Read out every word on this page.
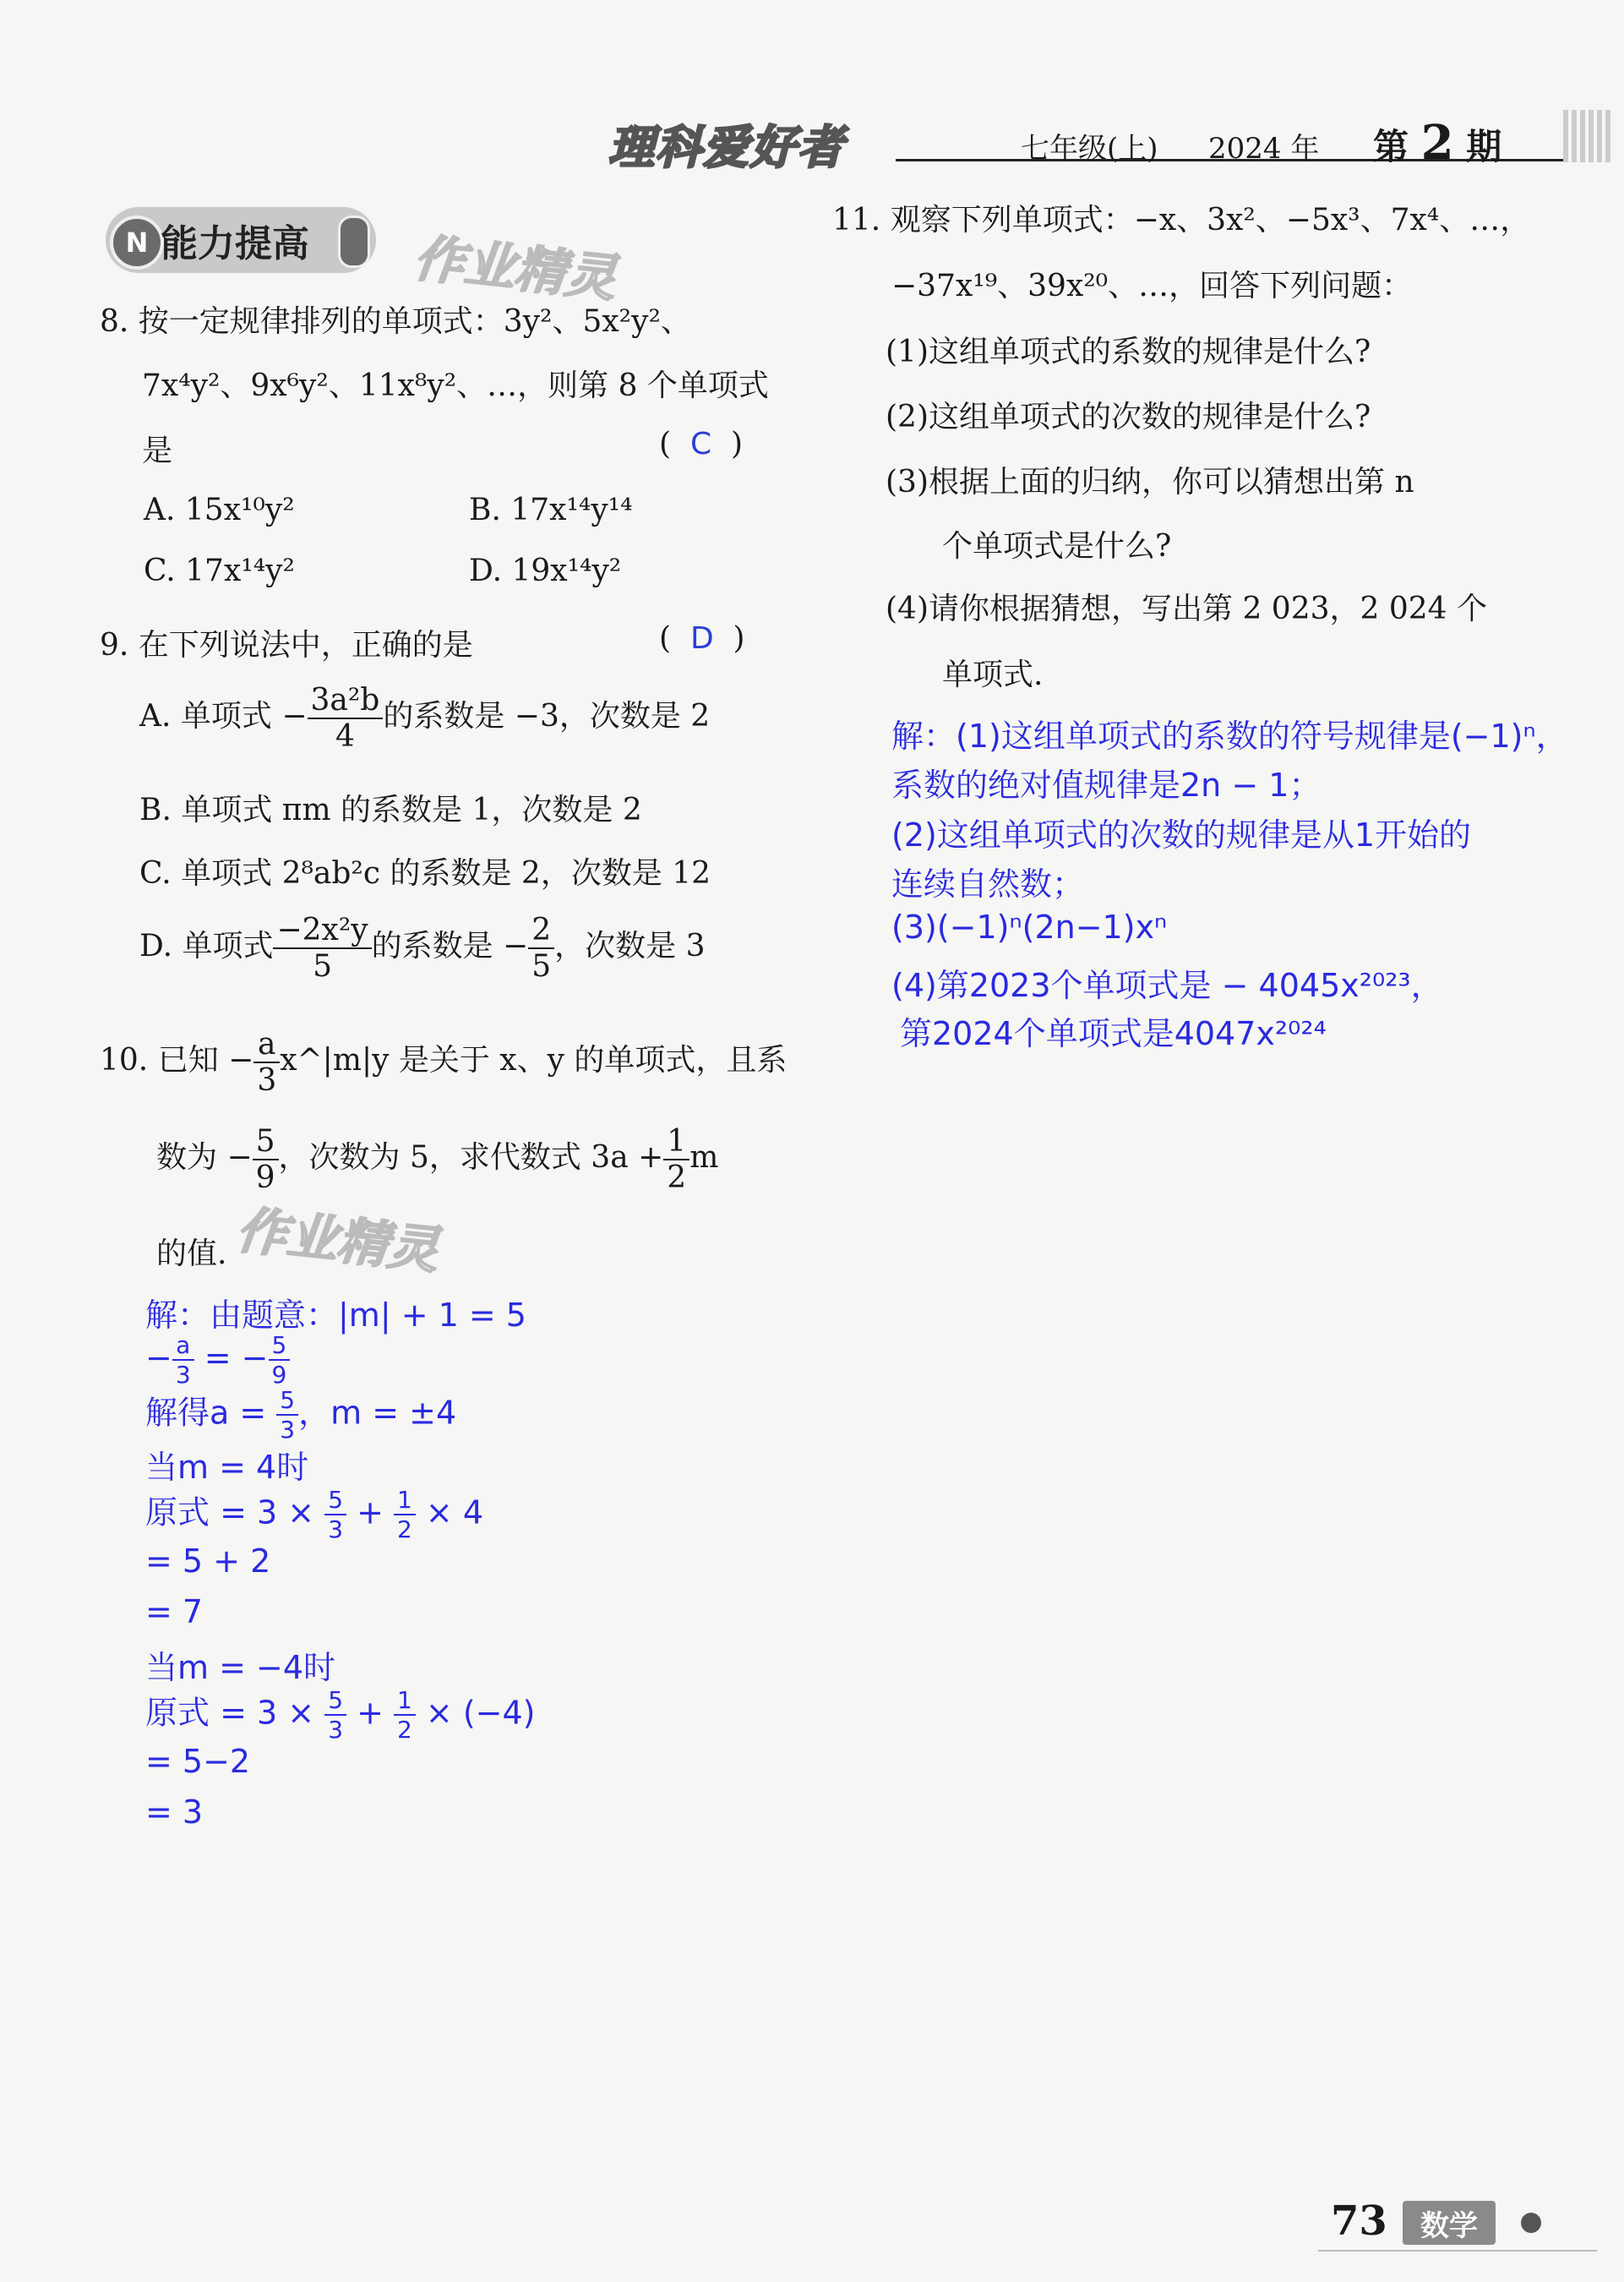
理科爱好者	七年级(上) 2024 年 第 2 期
N 能力提高 作业精灵
作业精灵
8. 按一定规律排列的单项式：3y²、5x²y²、
7x⁴y²、9x⁶y²、11x⁸y²、…，则第 8 个单项式
是	(  C  )
A. 15x¹⁰y²	B. 17x¹⁴y¹⁴
C. 17x¹⁴y²	D. 19x¹⁴y²
9. 在下列说法中，正确的是	(  D  )
A. 单项式 − $\frac{\text{3a²b}}{4}$ 的系数是 −3，次数是 2
B. 单项式 πm 的系数是 1，次数是 2
C. 单项式 2⁸ab²c 的系数是 2，次数是 12
D. 单项式 $\frac{\text{−2x²y}}{5}$ 的系数是 − $\frac{2}{5}$ ，次数是 3
10. 已知 − $\frac{a}{3}$ x^|m|y 是关于 x、y 的单项式，且系
数为 − $\frac{5}{9}$ ，次数为 5，求代数式 $3a + \frac{1}{2}$ m
的值.
解：由题意：|m| + 1 = 5
− $\frac{a}{3}$ = − $\frac{5}{9}$
解得$a = \frac{5}{3}$ ，m = ±4
当m = 4时
原式 = $3 \times \frac{5}{3} + \frac{1}{2} \times 4$
= 5 + 2
= 7
当m = −4时
原式 = $3 \times \frac{5}{3} + \frac{1}{2} \times (-4)$
= 5−2
= 3
11. 观察下列单项式：−x、3x²、−5x³、7x⁴、…，
−37x¹⁹、39x²⁰、…，回答下列问题：
(1)这组单项式的系数的规律是什么?
(2)这组单项式的次数的规律是什么?
(3)根据上面的归纳，你可以猜想出第 n
个单项式是什么?
(4)请你根据猜想，写出第 2 023，2 024 个
单项式.
解：(1)这组单项式的系数的符号规律是(−1)ⁿ，
系数的绝对值规律是2n − 1；
(2)这组单项式的次数的规律是从1开始的
连续自然数；
(3)(−1)ⁿ(2n−1)xⁿ
(4)第2023个单项式是 − 4045x²⁰²³，
第2024个单项式是4047x²⁰²⁴
73	数学
